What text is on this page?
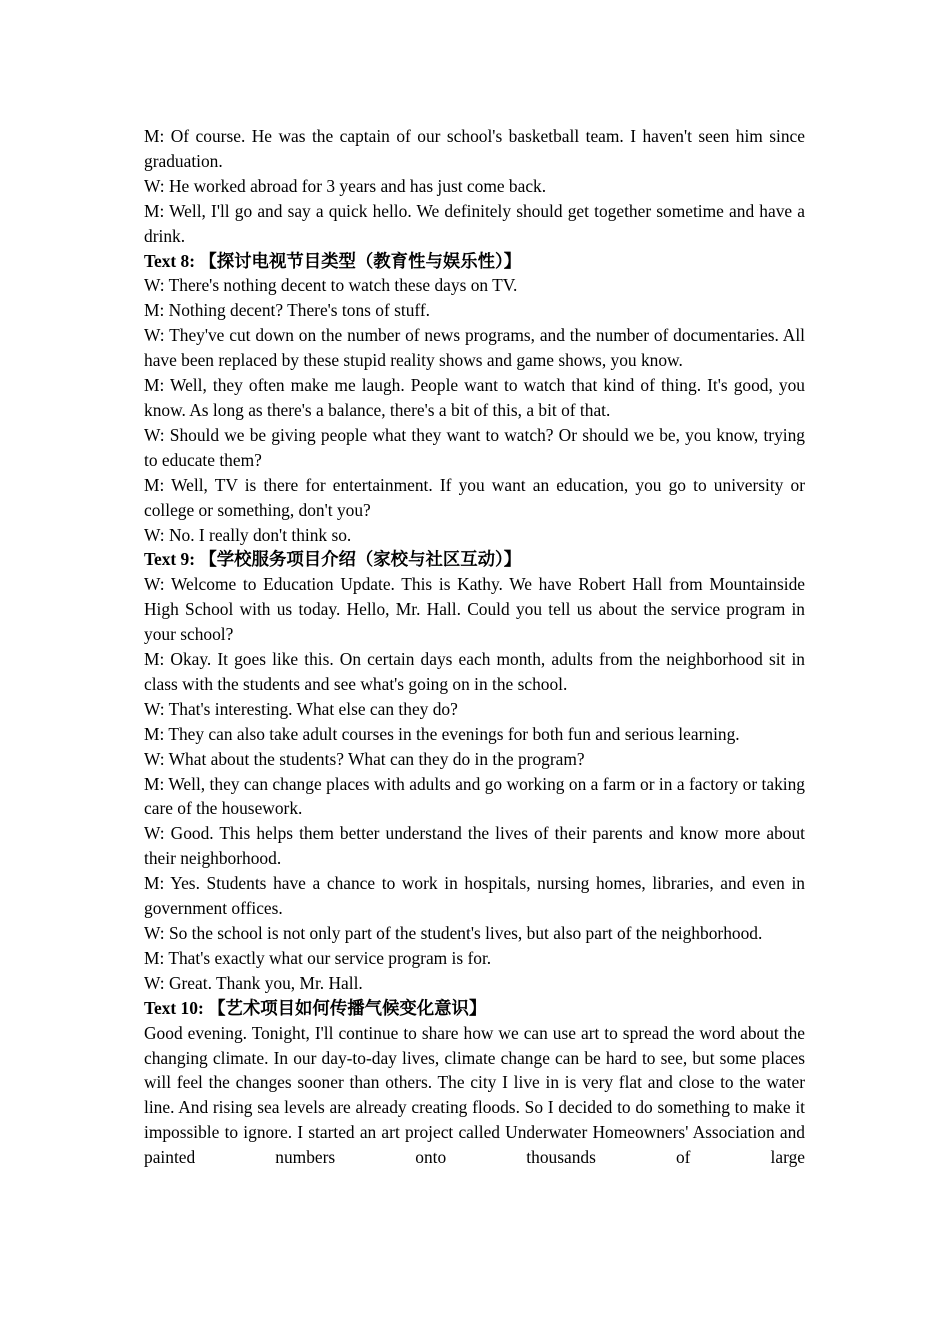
M: Of course. He was the captain of our school's basketball team. I haven't seen him since graduation.

W: He worked abroad for 3 years and has just come back.

M: Well, I'll go and say a quick hello. We definitely should get together sometime and have a drink.

Text 8: 【探讨电视节目类型（教育性与娱乐性）】

W: There's nothing decent to watch these days on TV.

M: Nothing decent? There's tons of stuff.

W: They've cut down on the number of news programs, and the number of documentaries. All have been replaced by these stupid reality shows and game shows, you know.

M: Well, they often make me laugh. People want to watch that kind of thing. It's good, you know. As long as there's a balance, there's a bit of this, a bit of that.

W: Should we be giving people what they want to watch? Or should we be, you know, trying to educate them?

M: Well, TV is there for entertainment. If you want an education, you go to university or college or something, don't you?

W: No. I really don't think so.

Text 9: 【学校服务项目介绍（家校与社区互动）】

W: Welcome to Education Update. This is Kathy. We have Robert Hall from Mountainside High School with us today. Hello, Mr. Hall. Could you tell us about the service program in your school?

M: Okay. It goes like this. On certain days each month, adults from the neighborhood sit in class with the students and see what's going on in the school.

W: That's interesting. What else can they do?

M: They can also take adult courses in the evenings for both fun and serious learning.

W: What about the students? What can they do in the program?

M: Well, they can change places with adults and go working on a farm or in a factory or taking care of the housework.

W: Good. This helps them better understand the lives of their parents and know more about their neighborhood.

M: Yes. Students have a chance to work in hospitals, nursing homes, libraries, and even in government offices.

W: So the school is not only part of the student's lives, but also part of the neighborhood.

M: That's exactly what our service program is for.

W: Great. Thank you, Mr. Hall.

Text 10: 【艺术项目如何传播气候变化意识】

Good evening. Tonight, I'll continue to share how we can use art to spread the word about the changing climate. In our day-to-day lives, climate change can be hard to see, but some places will feel the changes sooner than others. The city I live in is very flat and close to the water line. And rising sea levels are already creating floods. So I decided to do something to make it impossible to ignore. I started an art project called Underwater Homeowners' Association and painted numbers onto thousands of large
